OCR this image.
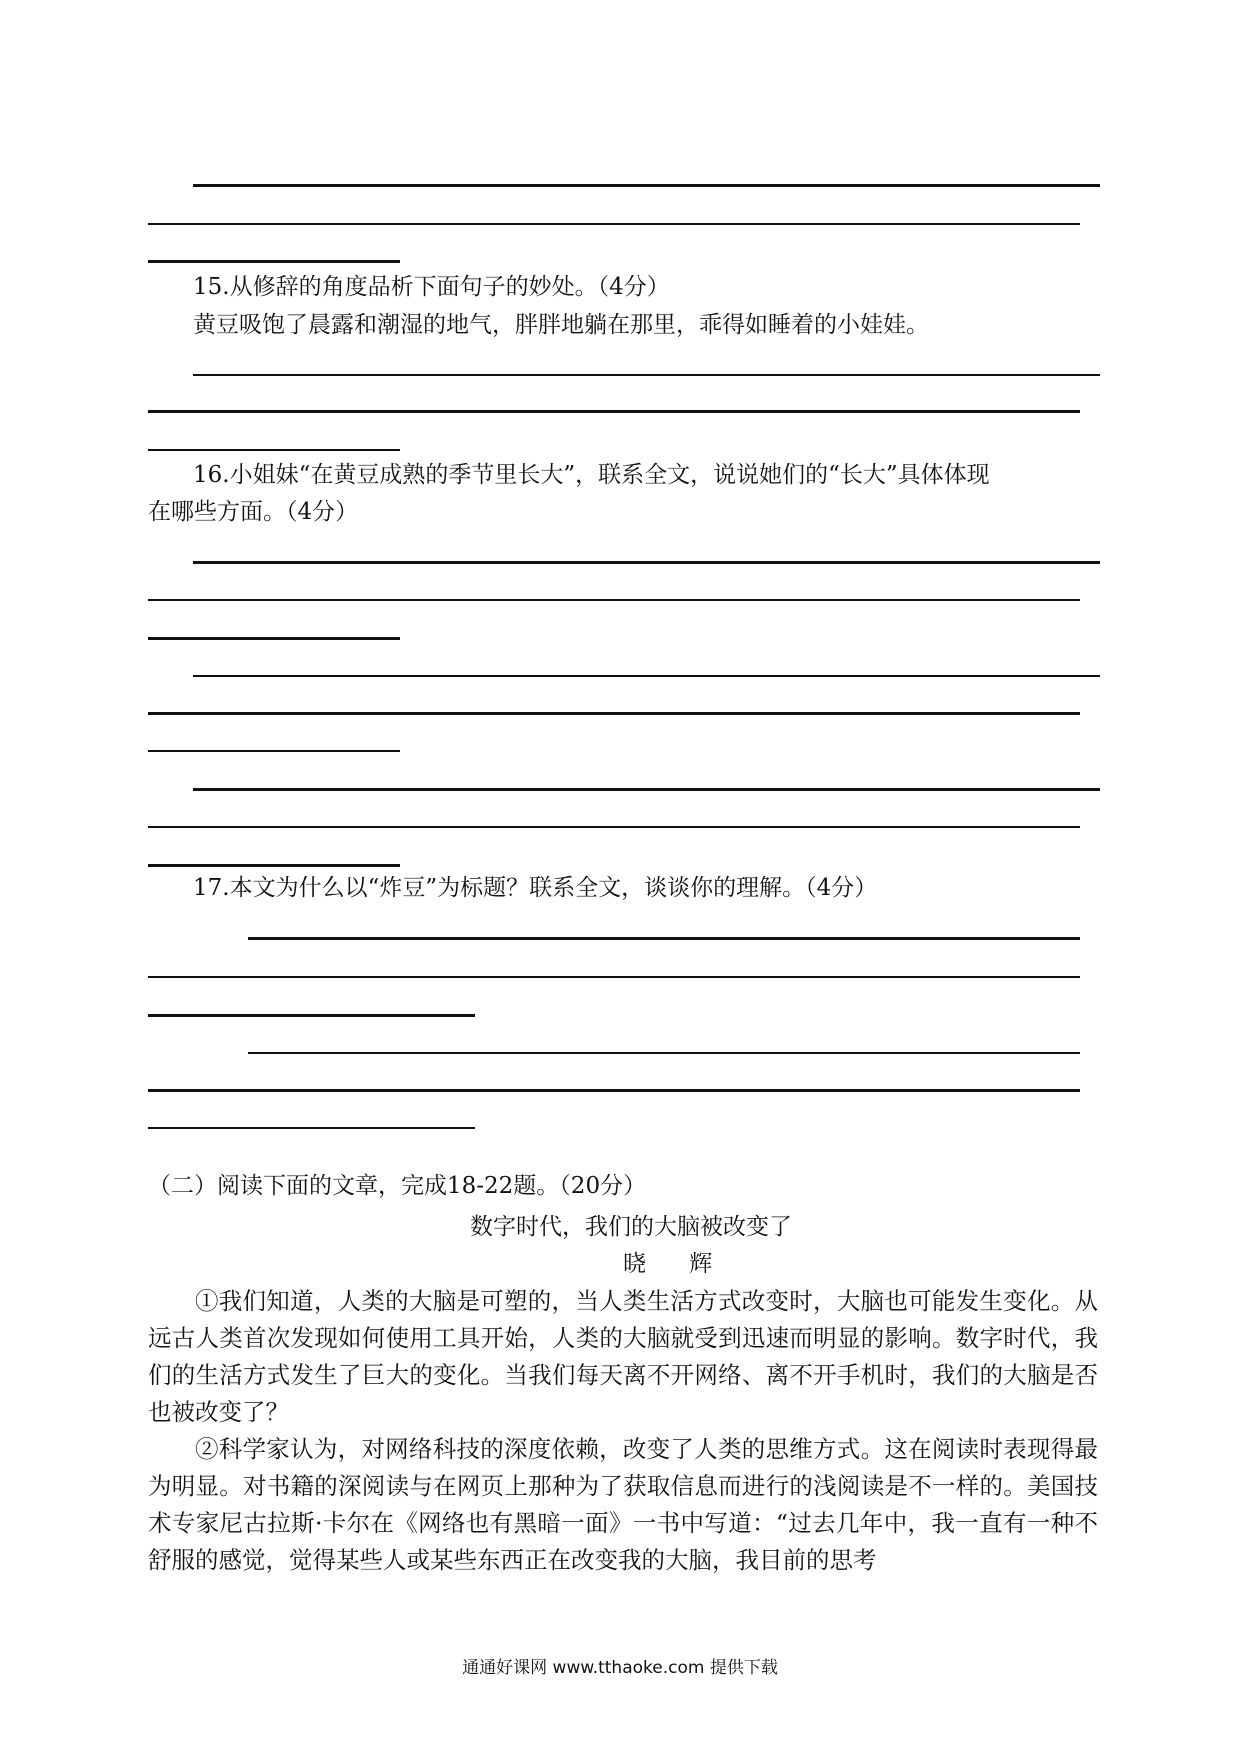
15.从修辞的角度品析下面句子的妙处。（4分）
黄豆吸饱了晨露和潮湿的地气，胖胖地躺在那里，乖得如睡着的小娃娃。
16.小姐妹“在黄豆成熟的季节里长大”，联系全文，说说她们的“长大”具体体现
在哪些方面。（4分）
17.本文为什么以“炸豆”为标题？联系全文，谈谈你的理解。（4分）
（二）阅读下面的文章，完成18-22题。（20分）
数字时代，我们的大脑被改变了
晓 辉

①我们知道，人类的大脑是可塑的，当人类生活方式改变时，大脑也可能发生变化。从远古人类首次发现如何使用工具开始，人类的大脑就受到迅速而明显的影响。数字时代，我们的生活方式发生了巨大的变化。当我们每天离不开网络、离不开手机时，我们的大脑是否也被改变了？

②科学家认为，对网络科技的深度依赖，改变了人类的思维方式。这在阅读时表现得最为明显。对书籍的深阅读与在网页上那种为了获取信息而进行的浅阅读是不一样的。美国技术专家尼古拉斯·卡尔在《网络也有黑暗一面》一书中写道：“过去几年中，我一直有一种不舒服的感觉，觉得某些人或某些东西正在改变我的大脑，我目前的思考

通通好课网 www.tthaoke.com 提供下载
